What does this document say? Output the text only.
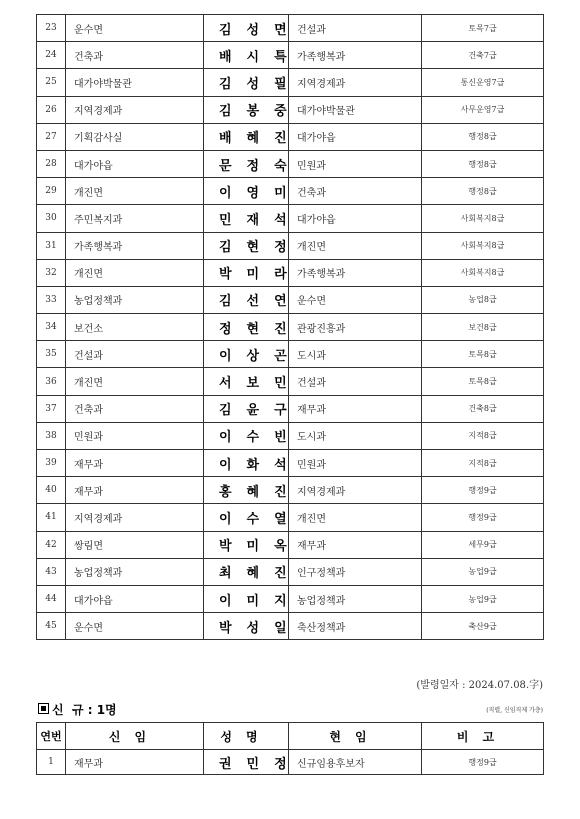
23	운수면	김성면	건설과	토목7급
24	건축과	배시특	가족행복과	건축7급
25	대가야박물관	김성필	지역경제과	통신운영7급
26	지역경제과	김봉중	대가야박물관	사무운영7급
27	기획감사실	배혜진	대가야읍	행정8급
28	대가야읍	문정숙	민원과	행정8급
29	개진면	이영미	건축과	행정8급
30	주민복지과	민재석	대가야읍	사회복지8급
31	가족행복과	김현정	개진면	사회복지8급
32	개진면	박미라	가족행복과	사회복지8급
33	농업정책과	김선연	운수면	농업8급
34	보건소	정현진	관광진흥과	보건8급
35	건설과	이상곤	도시과	토목8급
36	개진면	서보민	건설과	토목8급
37	건축과	김윤구	재무과	건축8급
38	민원과	이수빈	도시과	지적8급
39	재무과	이화석	민원과	지적8급
40	재무과	홍혜진	지역경제과	행정9급
41	지역경제과	이수열	개진면	행정9급
42	쌍림면	박미옥	재무과	세무9급
43	농업정책과	최혜진	인구정책과	농업9급
44	대가야읍	이미지	농업정책과	농업9급
45	운수면	박성일	축산정책과	축산9급
(발령일자 : 2024.07.08.字)
신  규 : 1명	(직렬, 신임직제 가층)
연번	신임	성명	현임	비고
1	재무과	권민정	신규임용후보자	행정9급
